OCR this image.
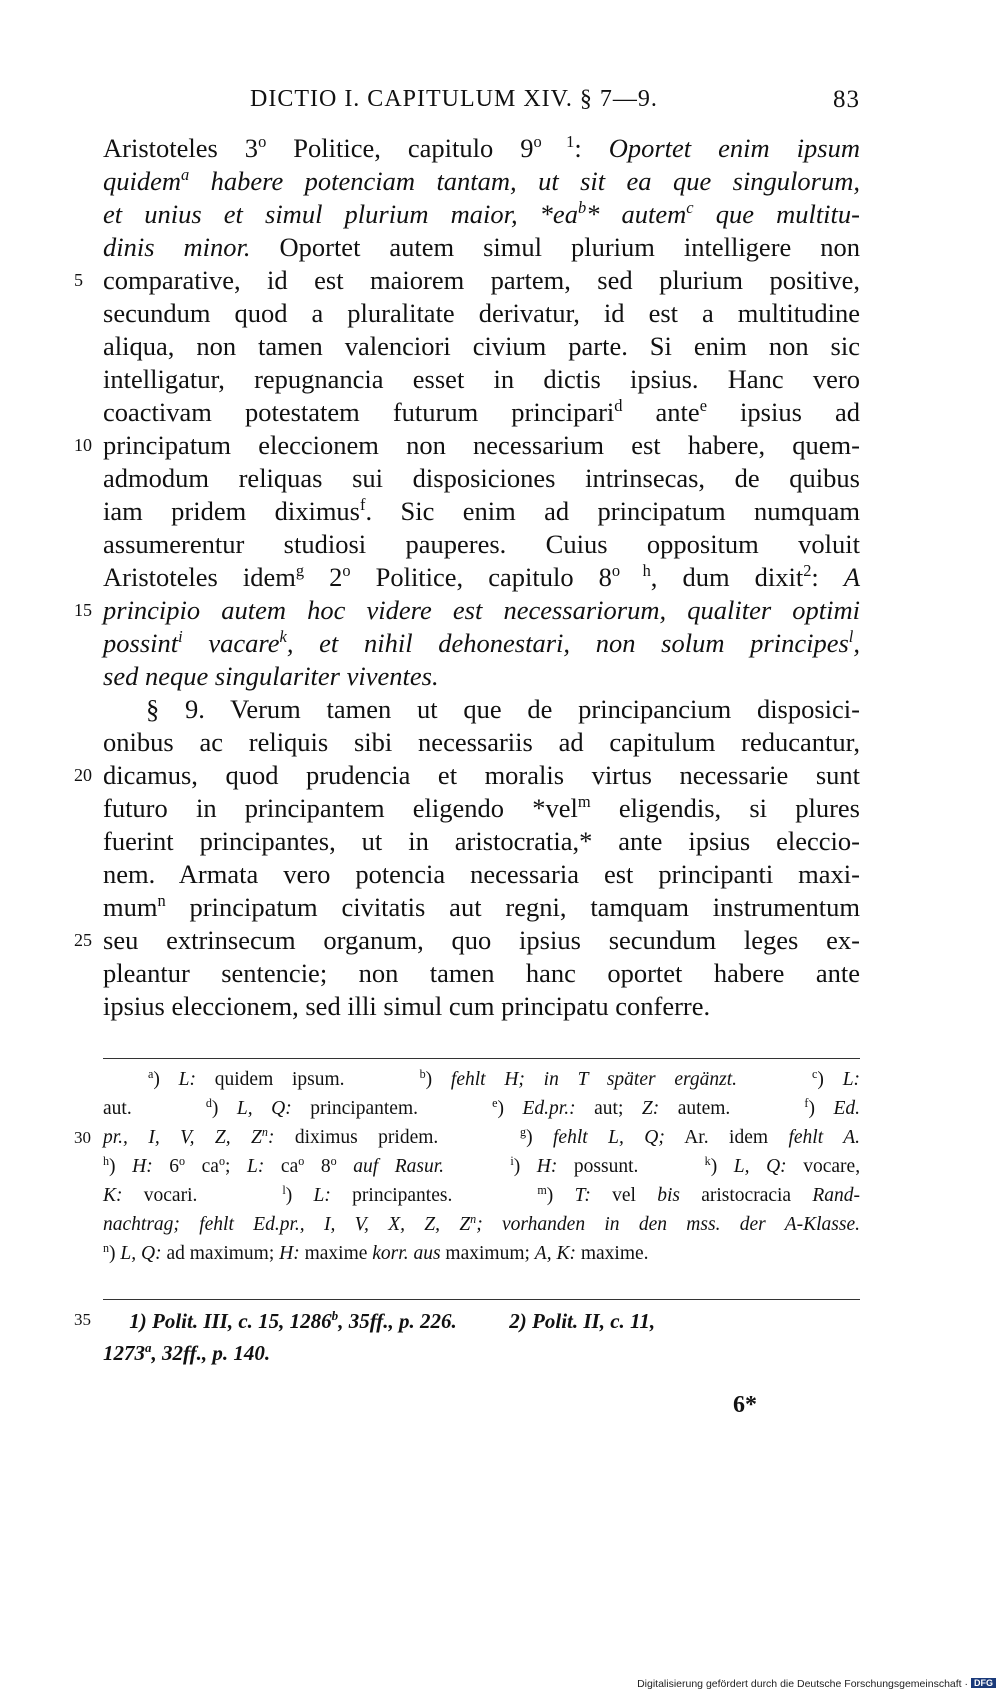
DICTIO I. CAPITULUM XIV. § 7—9.	83
Aristoteles 3$^o$ Politice, capitulo $9^{o 1}$: Oportet enim ipsum
quidem$^a$ habere potenciam tantam, ut sit ea que singulorum,
et unius et simul plurium maior, $*ea^b*$ autem$^c$ que multitu-
dinis minor. Oportet autem simul plurium intelligere non
comparative, id est maiorem partem, sed plurium positive,
5
secundum quod a pluralitate derivatur, id est a multitudine
aliqua, non tamen valenciori civium parte. Si enim non sic
intelligatur, repugnancia esset in dictis ipsius. Hanc vero
coactivam potestatem futurum principari$^d$ ante$^e$ ipsius ad
principatum eleccionem non necessarium est habere, quem-
10
admodum reliquas sui disposiciones intrinsecas, de quibus
iam pridem diximus$^f$. Sic enim ad principatum numquam
assumerentur studiosi pauperes. Cuius oppositum voluit
Aristoteles idem$^g$ 2$^o$ Politice, capitulo $8^{o h}$, dum dixit$^2$: A
principio autem hoc videre est necessariorum, qualiter optimi
15
possint$^i$ vacare$^k$, et nihil dehonestari, non solum principes$^l$,
sed neque singulariter viventes.
§ 9. Verum tamen ut que de principancium disposici-
onibus ac reliquis sibi necessariis ad capitulum reducantur,
dicamus, quod prudencia et moralis virtus necessarie sunt
20
futuro in principantem eligendo *vel$^m$ eligendis, si plures
fuerint principantes, ut in aristocratia,* ante ipsius eleccio-
nem. Armata vero potencia necessaria est principanti maxi-
mum$^n$ principatum civitatis aut regni, tamquam instrumentum
seu extrinsecum organum, quo ipsius secundum leges ex-
25
pleantur sentencie; non tamen hanc oportet habere ante
ipsius eleccionem, sed illi simul cum principatu conferre.
$^a$) L: quidem ipsum.    $^b$) fehlt H; in T später ergänzt.	$^c$) L:
aut.    $^d$) L, Q: principantem.    $^e$) Ed.pr.: aut; Z: autem.    $^f$) Ed.
pr., I, V, Z, $Z^n$: diximus pridem.    $^g$) fehlt L, Q; Ar. idem fehlt A.
30
$^h$) H: 6$^o$ $ca^o$; L: $ca^o$ 8$^o$ auf Rasur.	$^i$) H: possunt.    $^k$) L, Q: vocare,
K: vocari.    $^l$) L: principantes.    $^m$) T: vel bis aristocracia Rand-
nachtrag; fehlt Ed.pr., I, V, X, Z, $Z^n$; vorhanden in den mss. der A-Klasse.
$^n$) L, Q: ad maximum; H: maxime korr. aus maximum; A, K: maxime.
1) Polit. III, c. 15, 1286$^b$, 35ff., p. 226.          2) Polit. II, c. 11,
35
1273$^a$, 32ff., p. 140.
6*
Digitalisierung gefördert durch die Deutsche Forschungsgemeinschaft · DFG
